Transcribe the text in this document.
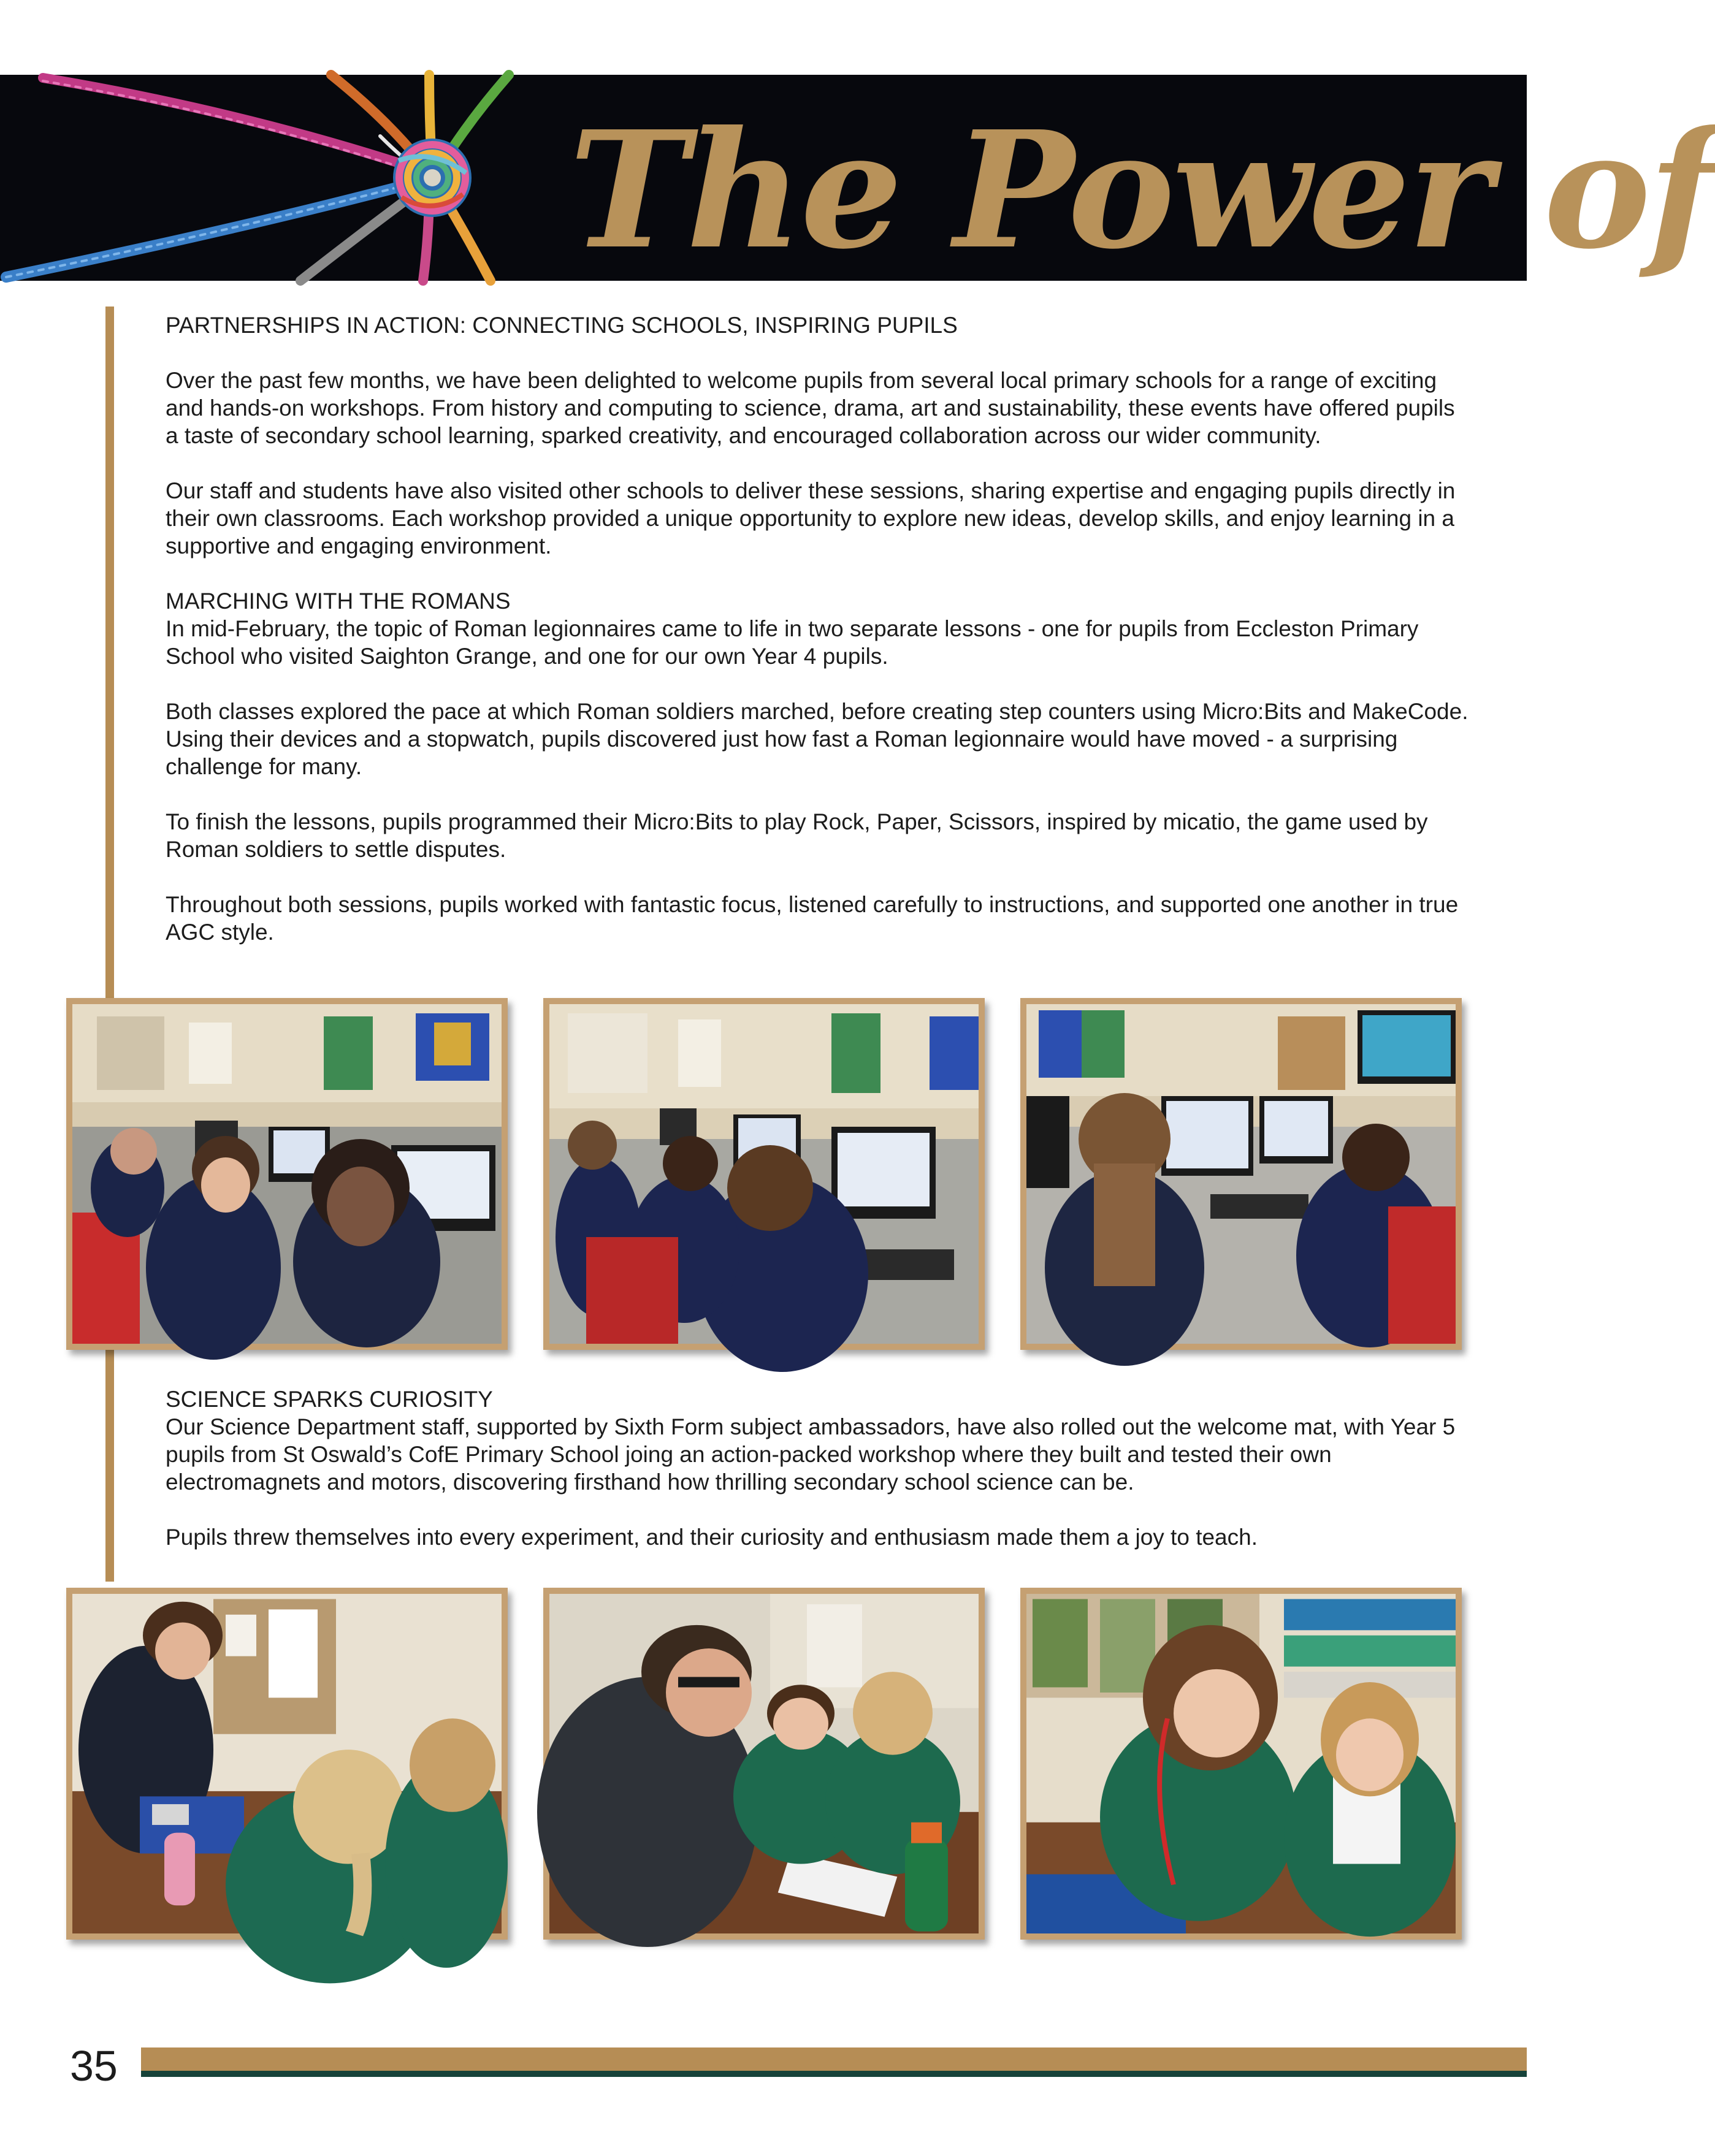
The Power of

PARTNERSHIPS IN ACTION: CONNECTING SCHOOLS, INSPIRING PUPILS

Over the past few months, we have been delighted to welcome pupils from several local primary schools for a range of exciting and hands-on workshops. From history and computing to science, drama, art and sustainability, these events have offered pupils a taste of secondary school learning, sparked creativity, and encouraged collaboration across our wider community.

Our staff and students have also visited other schools to deliver these sessions, sharing expertise and engaging pupils directly in their own classrooms. Each workshop provided a unique opportunity to explore new ideas, develop skills, and enjoy learning in a supportive and engaging environment.

MARCHING WITH THE ROMANS

In mid-February, the topic of Roman legionnaires came to life in two separate lessons - one for pupils from Eccleston Primary School who visited Saighton Grange, and one for our own Year 4 pupils.

Both classes explored the pace at which Roman soldiers marched, before creating step counters using Micro:Bits and MakeCode. Using their devices and a stopwatch, pupils discovered just how fast a Roman legionnaire would have moved - a surprising challenge for many.

To finish the lessons, pupils programmed their Micro:Bits to play Rock, Paper, Scissors, inspired by micatio, the game used by Roman soldiers to settle disputes.

Throughout both sessions, pupils worked with fantastic focus, listened carefully to instructions, and supported one another in true AGC style.

SCIENCE SPARKS CURIOSITY

Our Science Department staff, supported by Sixth Form subject ambassadors, have also rolled out the welcome mat, with Year 5 pupils from St Oswald’s CofE Primary School joing an action-packed workshop where they built and tested their own electromagnets and motors, discovering firsthand how thrilling secondary school science can be.

Pupils threw themselves into every experiment, and their curiosity and enthusiasm made them a joy to teach.

35
